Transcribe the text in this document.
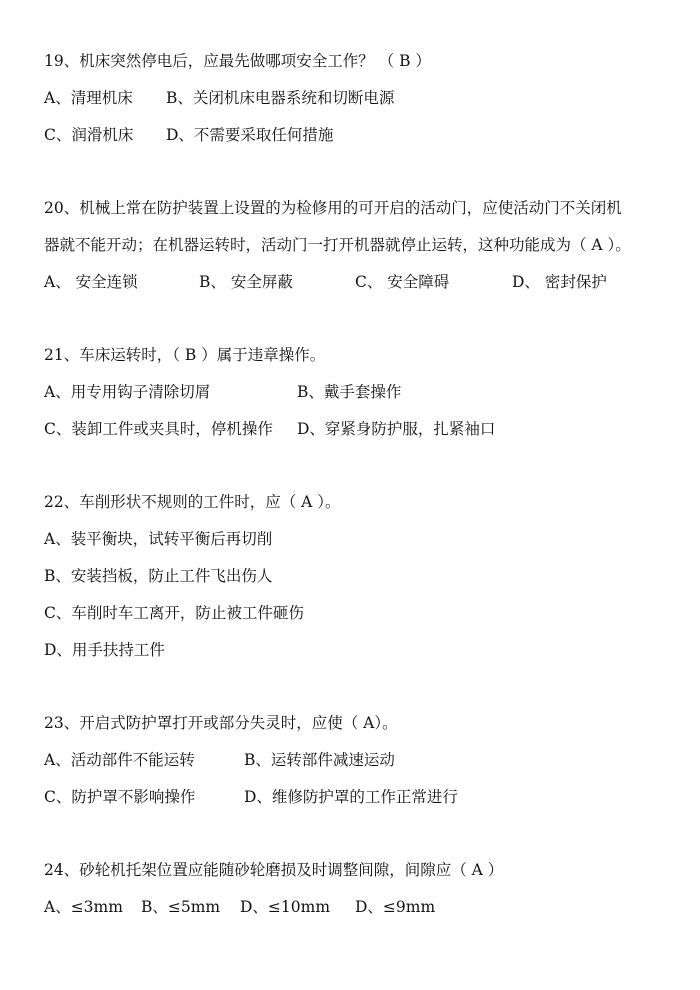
19、机床突然停电后，应最先做哪项安全工作？ （ B ）
A、清理机床 B、关闭机床电器系统和切断电源
C、润滑机床 D、不需要采取任何措施
20、机械上常在防护装置上设置的为检修用的可开启的活动门，应使活动门不关闭机
器就不能开动；在机器运转时，活动门一打开机器就停止运转，这种功能成为（ A ）。
A、 安全连锁	B、 安全屏蔽	C、 安全障碍	D、 密封保护
21、车床运转时，（ B ）属于违章操作。
A、用专用钩子清除切屑	B、戴手套操作
C、装卸工件或夹具时，停机操作 D、穿紧身防护服，扎紧袖口
22、车削形状不规则的工件时，应（ A ）。
A、装平衡块，试转平衡后再切削
B、安装挡板，防止工件飞出伤人
C、车削时车工离开，防止被工件砸伤
D、用手扶持工件
23、开启式防护罩打开或部分失灵时，应使（ A）。
A、活动部件不能运转	B、运转部件减速运动
C、防护罩不影响操作	D、维修防护罩的工作正常进行
24、砂轮机托架位置应能随砂轮磨损及时调整间隙，间隙应（ A ）
A、≤3mm B、≤5mm D、≤10mm D、≤9mm
